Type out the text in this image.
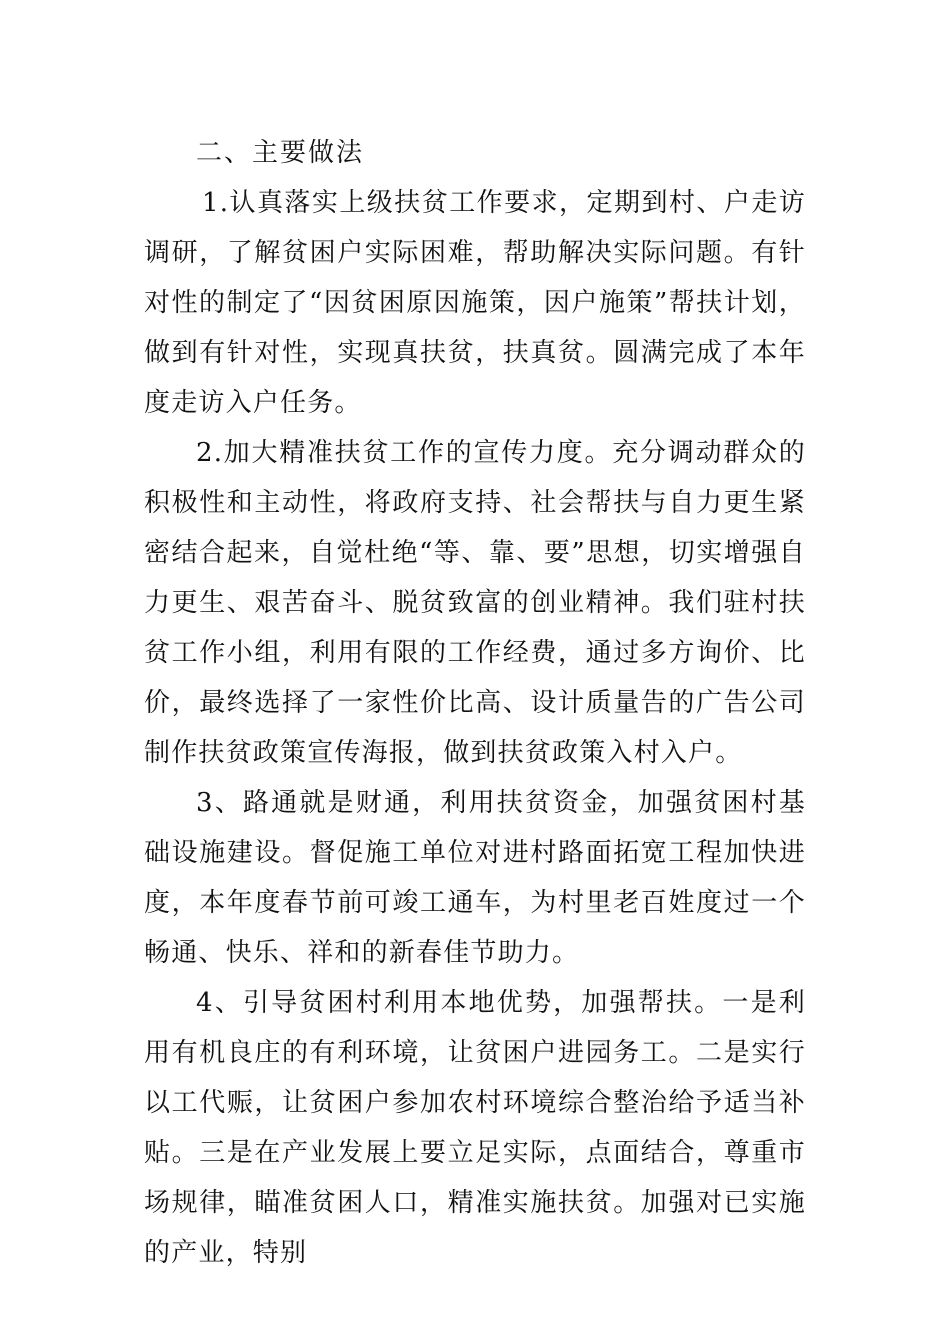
二、主要做法

1.认真落实上级扶贫工作要求，定期到村、户走访调研，了解贫困户实际困难，帮助解决实际问题。有针对性的制定了“因贫困原因施策，因户施策”帮扶计划，做到有针对性，实现真扶贫，扶真贫。圆满完成了本年度走访入户任务。

2.加大精准扶贫工作的宣传力度。充分调动群众的积极性和主动性，将政府支持、社会帮扶与自力更生紧密结合起来，自觉杜绝“等、靠、要”思想，切实增强自力更生、艰苦奋斗、脱贫致富的创业精神。我们驻村扶贫工作小组，利用有限的工作经费，通过多方询价、比价，最终选择了一家性价比高、设计质量告的广告公司制作扶贫政策宣传海报，做到扶贫政策入村入户。

3、路通就是财通，利用扶贫资金，加强贫困村基础设施建设。督促施工单位对进村路面拓宽工程加快进度，本年度春节前可竣工通车，为村里老百姓度过一个畅通、快乐、祥和的新春佳节助力。

4、引导贫困村利用本地优势，加强帮扶。一是利用有机良庄的有利环境，让贫困户进园务工。二是实行以工代赈，让贫困户参加农村环境综合整治给予适当补贴。三是在产业发展上要立足实际，点面结合，尊重市场规律，瞄准贫困人口，精准实施扶贫。加强对已实施的产业，特别
